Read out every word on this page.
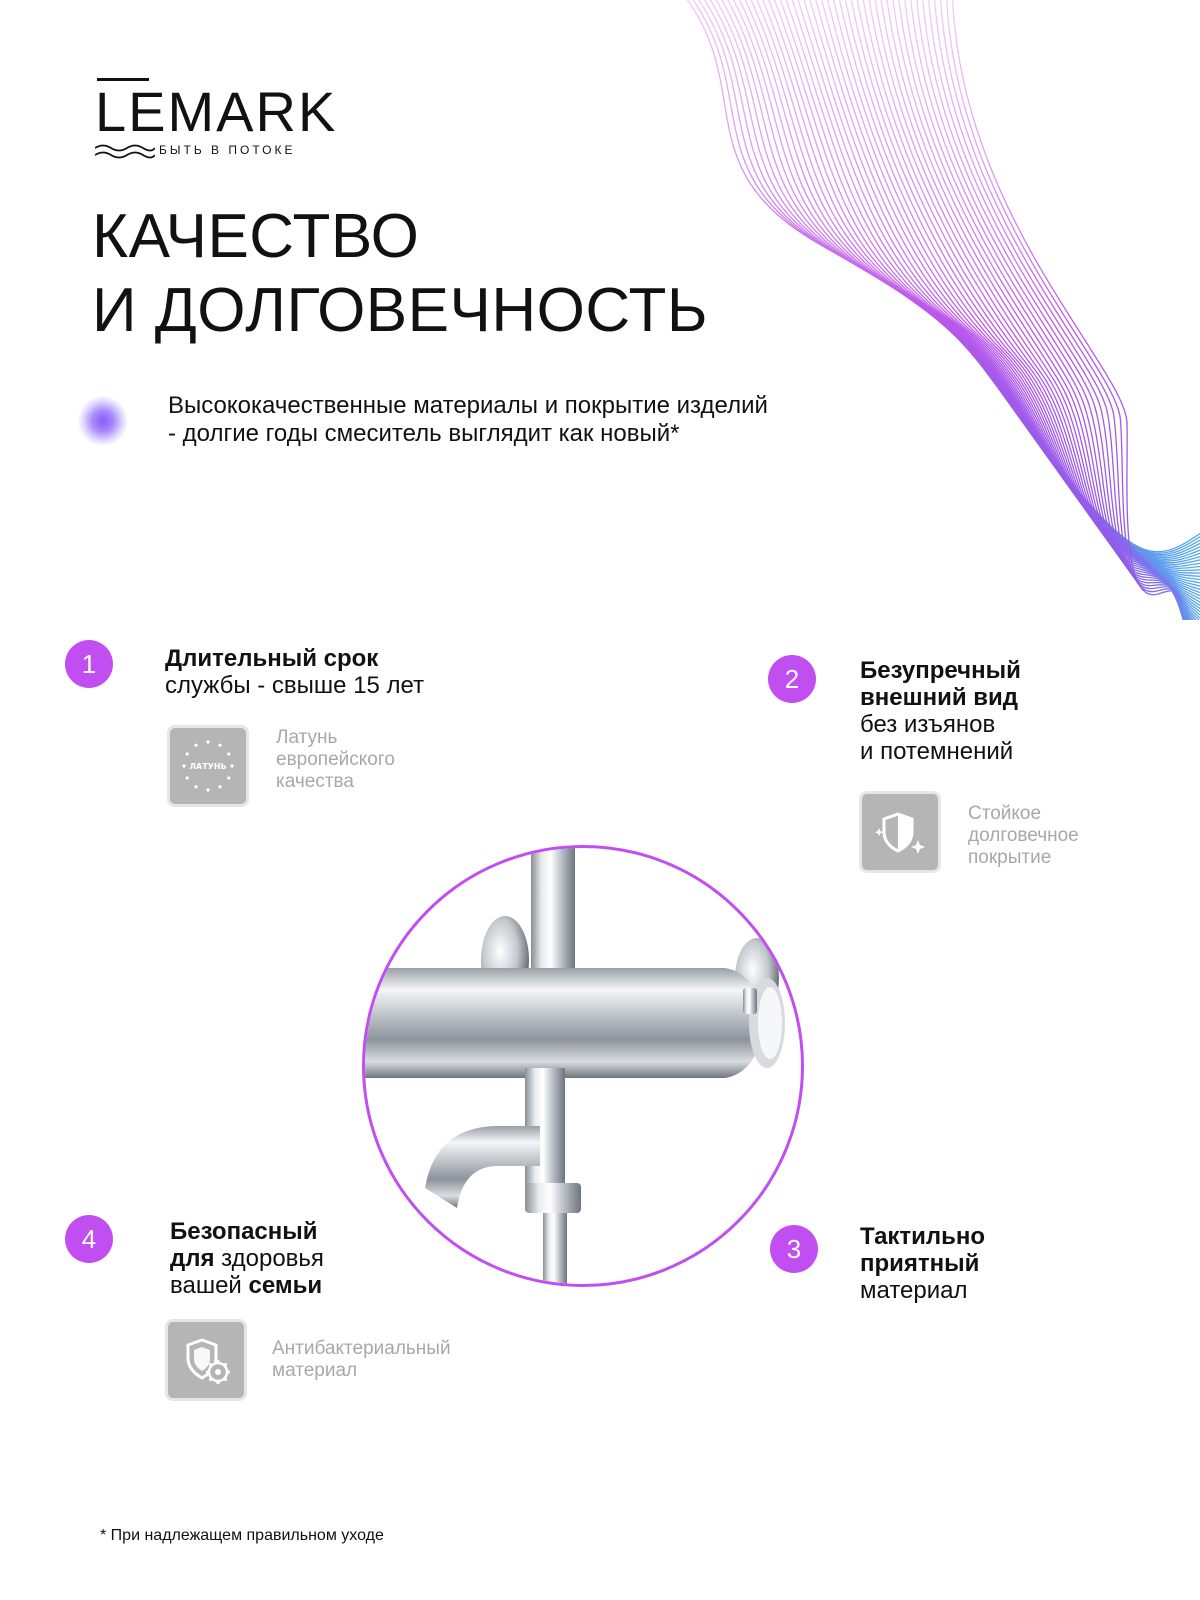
LEMARK
БЫТЬ В ПОТОКЕ
КАЧЕСТВО
И ДОЛГОВЕЧНОСТЬ

Высококачественные материалы и покрытие изделий - долгие годы смеситель выглядит как новый*

1	Длительный срок
службы - свыше 15 лет
ЛАТУНЬ
Латунь
европейского
качества
2	Безупречный
внешний вид
без изъянов
и потемнений
Стойкое
долговечное
покрытие
3	Тактильно
приятный
материал
4	Безопасный
для здоровья
вашей семьи
Антибактериальный
материал
* При надлежащем правильном уходе
